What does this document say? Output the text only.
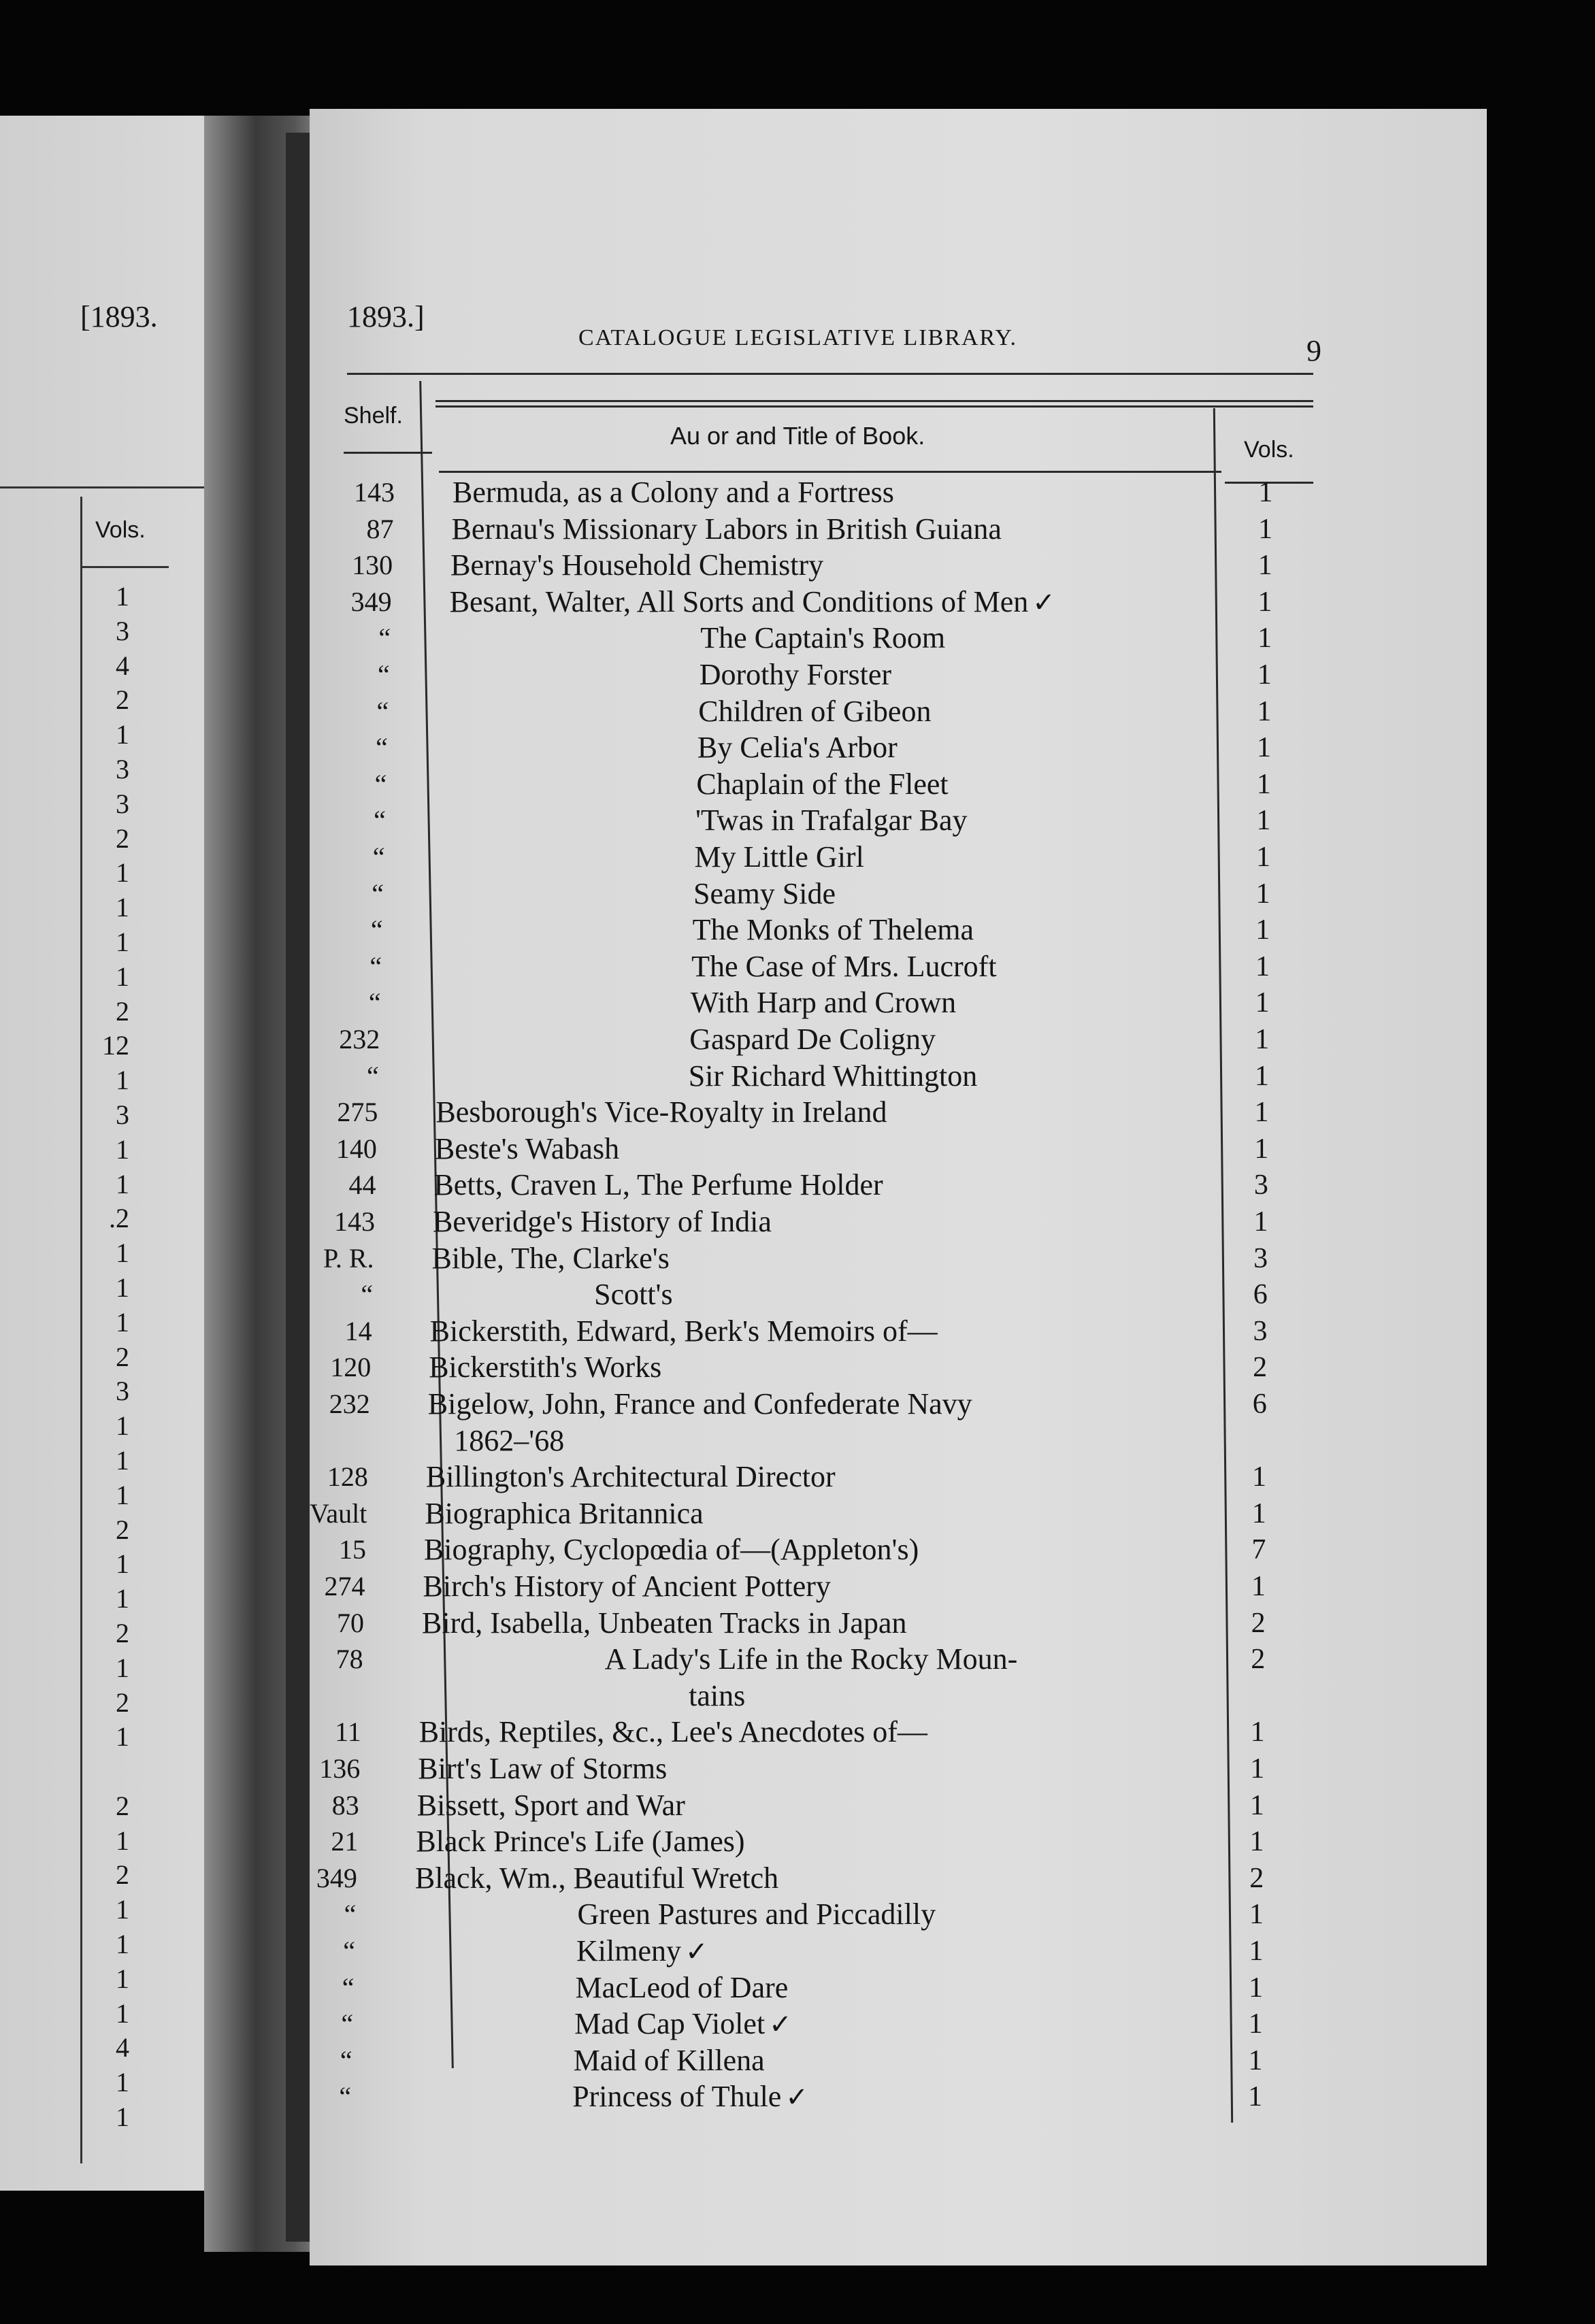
[1893.
Vols.
1
3
4
2
1
3
3
2
1
1
1
1
2
12
1
3
1
1
.2
1
1
1
2
3
1
1
1
2
1
1
2
1
2
1
2
1
2
1
1
1
1
4
1
1
1893.]
CATALOGUE LEGISLATIVE LIBRARY.	9
Shelf.
Au or and Title of Book.	Vols.
143 Bermuda, as a Colony and a Fortress	1
87 Bernau's Missionary Labors in British Guiana	1
130 Bernay's Household Chemistry	1
349 Besant, Walter, All Sorts and Conditions of Men ✓	1
“	The Captain's Room	1
“	Dorothy Forster	1
“	Children of Gibeon	1
“	By Celia's Arbor	1
“	Chaplain of the Fleet	1
“	'Twas in Trafalgar Bay	1
“	My Little Girl	1
“	Seamy Side	1
“	The Monks of Thelema	1
“	The Case of Mrs. Lucroft	1
“	With Harp and Crown	1
232	Gaspard De Coligny	1
“	Sir Richard Whittington	1
275 Besborough's Vice-Royalty in Ireland	1
140 Beste's Wabash	1
44 Betts, Craven L, The Perfume Holder	3
143 Beveridge's History of India	1
P. R. Bible, The, Clarke's	3
“	Scott's	6
14 Bickerstith, Edward, Berk's Memoirs of—	3
120 Bickerstith's Works	2
232 Bigelow, John, France and Confederate Navy	6
1862–'68
128 Billington's Architectural Director	1
Vault Biographica Britannica	1
15 Biography, Cyclopœdia of—(Appleton's)	7
274 Birch's History of Ancient Pottery	1
70 Bird, Isabella, Unbeaten Tracks in Japan	2
78	A Lady's Life in the Rocky Moun-	2
tains
11 Birds, Reptiles, &c., Lee's Anecdotes of—	1
136 Birt's Law of Storms	1
83 Bissett, Sport and War	1
21 Black Prince's Life (James)	1
349 Black, Wm., Beautiful Wretch	2
“	Green Pastures and Piccadilly	1
“	Kilmeny ✓	1
“	MacLeod of Dare	1
“	Mad Cap Violet ✓	1
“	Maid of Killena	1
“	Princess of Thule ✓	1
